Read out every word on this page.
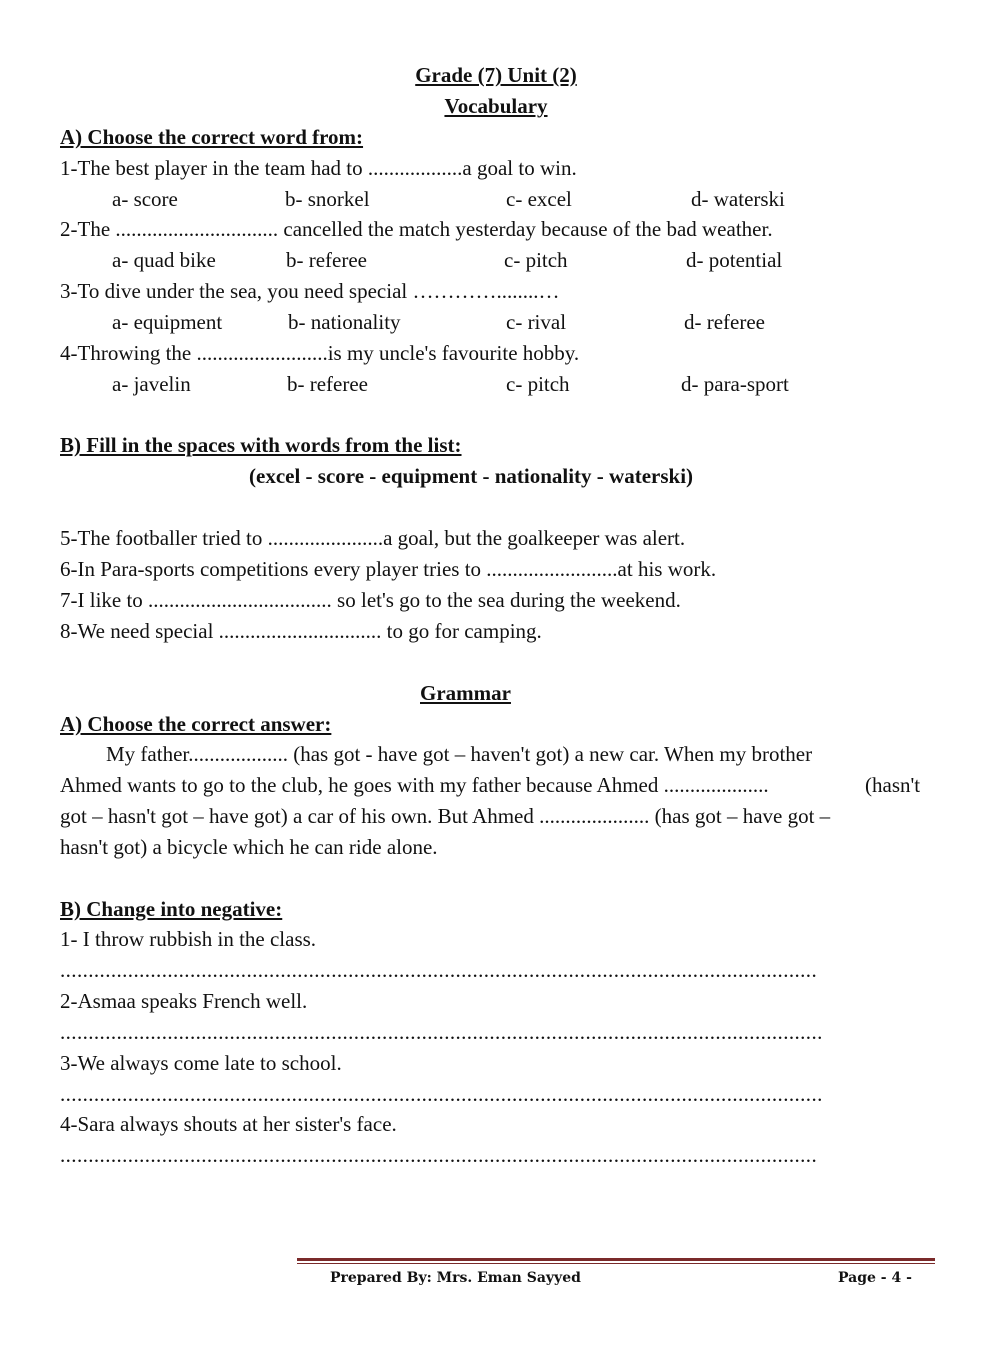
Grade (7) Unit (2)
Vocabulary
A) Choose the correct word from:
1-The best player in the team had to ..................a goal to win.
a- score	b- snorkel	c- excel	d- waterski
2-The ............................... cancelled the match yesterday because of the bad weather.
a- quad bike	b- referee	c- pitch	d- potential
3-To dive under the sea, you need special …………........…
a- equipment	b- nationality	c- rival	d- referee
4-Throwing the .........................is my uncle's favourite hobby.
a- javelin	b- referee	c- pitch	d- para-sport
B) Fill in the spaces with words from the list:
(excel - score - equipment - nationality - waterski)
5-The footballer tried to ......................a goal, but the goalkeeper was alert.
6-In Para-sports competitions every player tries to .........................at his work.
7-I like to ................................... so let's go to the sea during the weekend.
8-We need special ............................... to go for camping.
Grammar
A) Choose the correct answer:
My father................... (has got - have got – haven't got) a new car. When my brother
Ahmed wants to go to the club, he goes with my father because Ahmed ....................	(hasn't
got – hasn't got – have got) a car of his own. But Ahmed ..................... (has got – have got –
hasn't got) a bicycle which he can ride alone.
B) Change into negative:
1- I throw rubbish in the class.
......................................................................................................................................
2-Asmaa speaks French well.
.......................................................................................................................................
3-We always come late to school.
.......................................................................................................................................
4-Sara always shouts at her sister's face.
......................................................................................................................................
Prepared By: Mrs. Eman Sayyed	Page - 4 -
